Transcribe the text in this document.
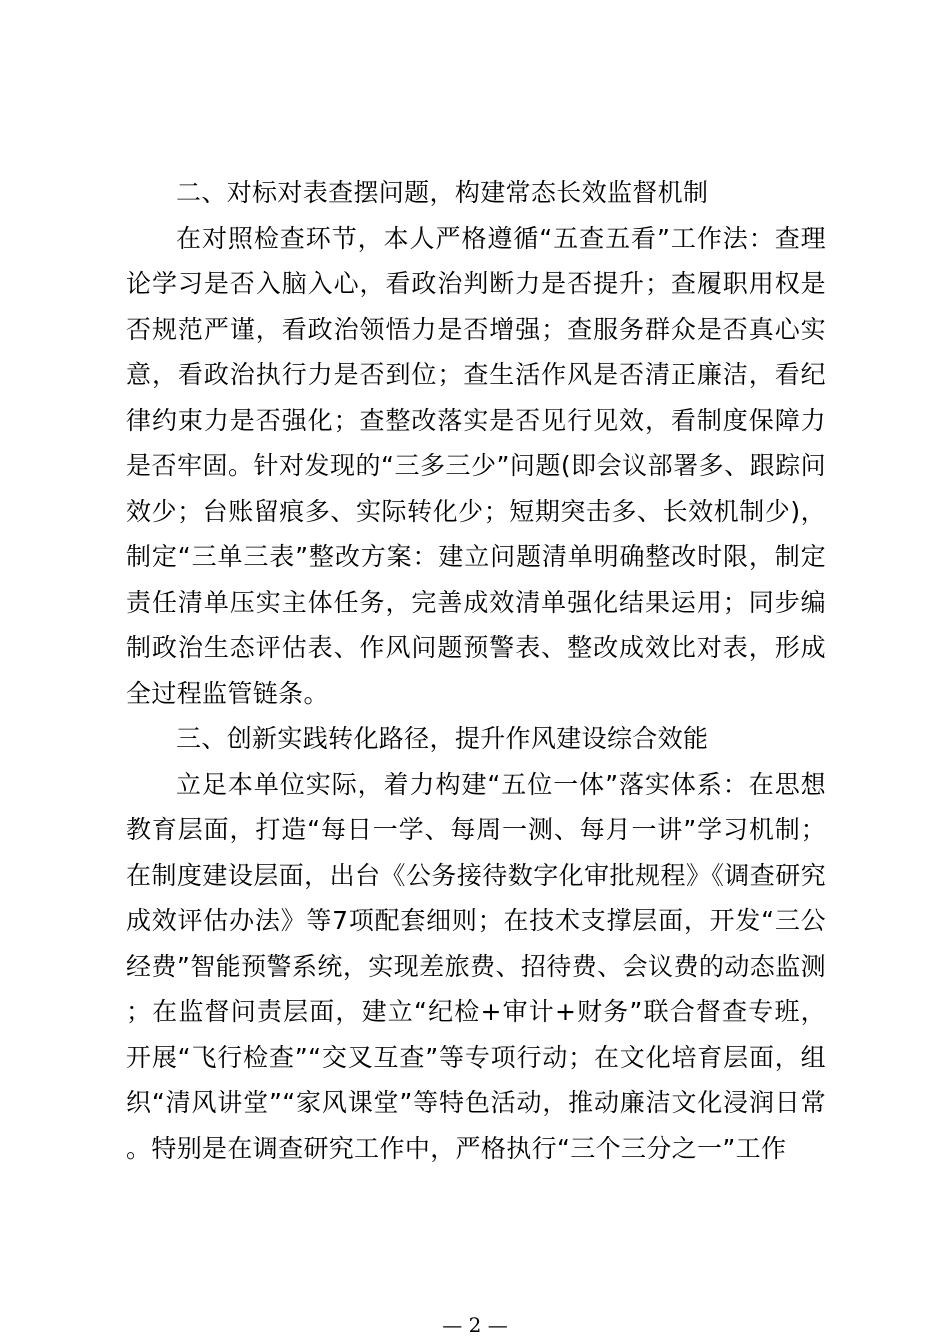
二、对标对表查摆问题，构建常态长效监督机制

在对照检查环节，本人严格遵循“五查五看”工作法：查理论学习是否入脑入心，看政治判断力是否提升；查履职用权是否规范严谨，看政治领悟力是否增强；查服务群众是否真心实意，看政治执行力是否到位；查生活作风是否清正廉洁，看纪律约束力是否强化；查整改落实是否见行见效，看制度保障力是否牢固。针对发现的“三多三少”问题(即会议部署多、跟踪问效少；台账留痕多、实际转化少；短期突击多、长效机制少)，制定“三单三表”整改方案：建立问题清单明确整改时限，制定责任清单压实主体任务，完善成效清单强化结果运用；同步编制政治生态评估表、作风问题预警表、整改成效比对表，形成全过程监管链条。

三、创新实践转化路径，提升作风建设综合效能

立足本单位实际，着力构建“五位一体”落实体系：在思想教育层面，打造“每日一学、每周一测、每月一讲”学习机制；在制度建设层面，出台《公务接待数字化审批规程》《调查研究成效评估办法》等7项配套细则；在技术支撑层面，开发“三公经费”智能预警系统，实现差旅费、招待费、会议费的动态监测；在监督问责层面，建立“纪检+审计+财务”联合督查专班，开展“飞行检查”“交叉互查”等专项行动；在文化培育层面，组织“清风讲堂”“家风课堂”等特色活动，推动廉洁文化浸润日常。特别是在调查研究工作中，严格执行“三个三分之一”工作

— 2 —
